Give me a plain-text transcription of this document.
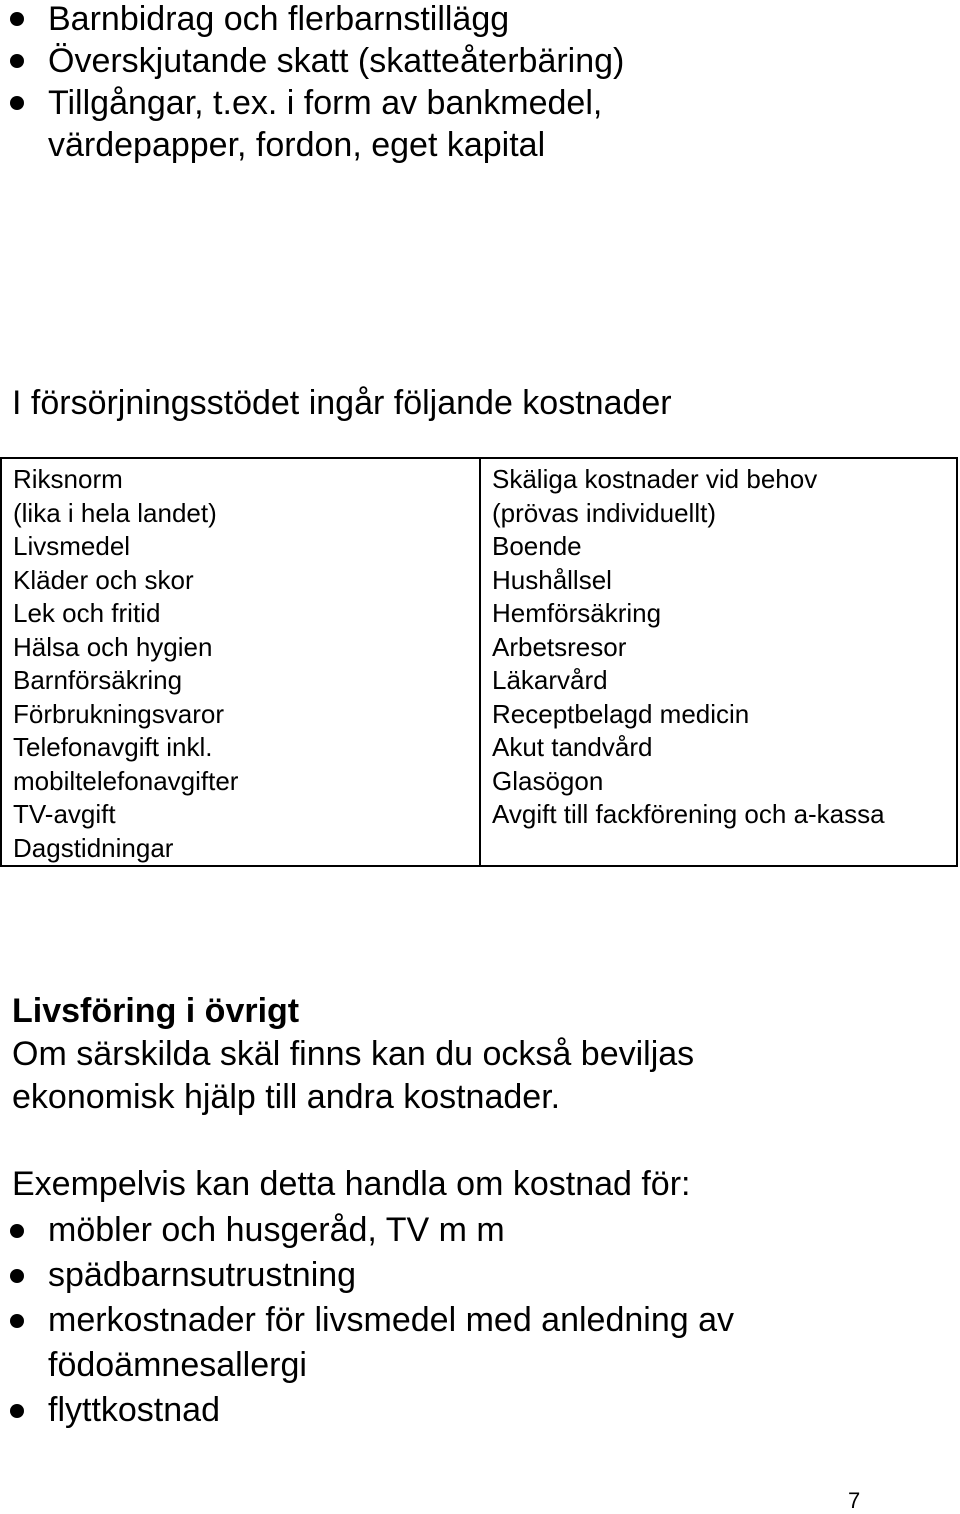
Barnbidrag och flerbarnstillägg
Överskjutande skatt (skatteåterbäring)
Tillgångar, t.ex. i form av bankmedel, värdepapper, fordon, eget kapital
I försörjningsstödet ingår följande kostnader
Riksnorm
(lika i hela landet)
Livsmedel
Kläder och skor
Lek och fritid
Hälsa och hygien
Barnförsäkring
Förbrukningsvaror
Telefonavgift inkl.
mobiltelefonavgifter
TV-avgift
Dagstidningar

Skäliga kostnader vid behov
(prövas individuellt)
Boende
Hushållsel
Hemförsäkring
Arbetsresor
Läkarvård
Receptbelagd medicin
Akut tandvård
Glasögon
Avgift till fackförening och a-kassa

Livsföring i övrigt

Om särskilda skäl finns kan du också beviljas ekonomisk hjälp till andra kostnader.

Exempelvis kan detta handla om kostnad för:

möbler och husgeråd, TV m m
spädbarnsutrustning
merkostnader för livsmedel med anledning av födoämnesallergi
flyttkostnad
7
